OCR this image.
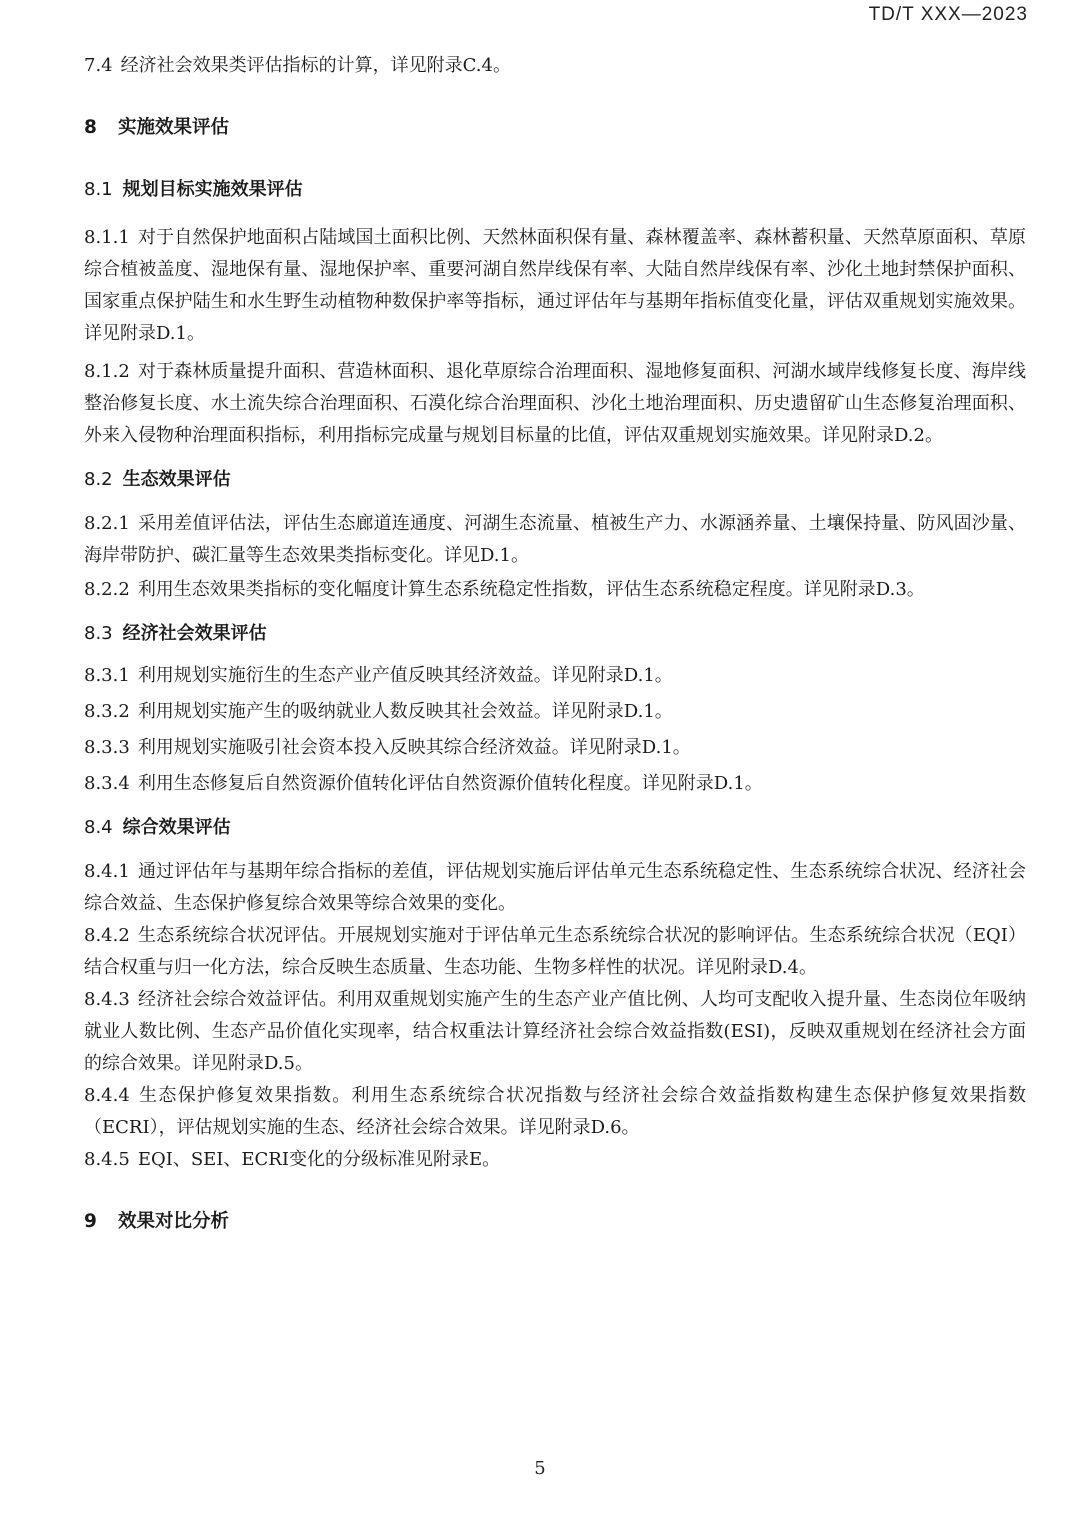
TD/T XXX—2023

7.4 经济社会效果类评估指标的计算，详见附录C.4。

8 实施效果评估
8.1 规划目标实施效果评估

8.1.1 对于自然保护地面积占陆域国土面积比例、天然林面积保有量、森林覆盖率、森林蓄积量、天然草原面积、草原综合植被盖度、湿地保有量、湿地保护率、重要河湖自然岸线保有率、大陆自然岸线保有率、沙化土地封禁保护面积、国家重点保护陆生和水生野生动植物种数保护率等指标，通过评估年与基期年指标值变化量，评估双重规划实施效果。详见附录D.1。

8.1.2 对于森林质量提升面积、营造林面积、退化草原综合治理面积、湿地修复面积、河湖水域岸线修复长度、海岸线整治修复长度、水土流失综合治理面积、石漠化综合治理面积、沙化土地治理面积、历史遗留矿山生态修复治理面积、外来入侵物种治理面积指标，利用指标完成量与规划目标量的比值，评估双重规划实施效果。详见附录D.2。

8.2 生态效果评估

8.2.1 采用差值评估法，评估生态廊道连通度、河湖生态流量、植被生产力、水源涵养量、土壤保持量、防风固沙量、海岸带防护、碳汇量等生态效果类指标变化。详见D.1。

8.2.2 利用生态效果类指标的变化幅度计算生态系统稳定性指数，评估生态系统稳定程度。详见附录D.3。

8.3 经济社会效果评估

8.3.1 利用规划实施衍生的生态产业产值反映其经济效益。详见附录D.1。

8.3.2 利用规划实施产生的吸纳就业人数反映其社会效益。详见附录D.1。

8.3.3 利用规划实施吸引社会资本投入反映其综合经济效益。详见附录D.1。

8.3.4 利用生态修复后自然资源价值转化评估自然资源价值转化程度。详见附录D.1。

8.4 综合效果评估

8.4.1 通过评估年与基期年综合指标的差值，评估规划实施后评估单元生态系统稳定性、生态系统综合状况、经济社会综合效益、生态保护修复综合效果等综合效果的变化。

8.4.2 生态系统综合状况评估。开展规划实施对于评估单元生态系统综合状况的影响评估。生态系统综合状况（EQI）结合权重与归一化方法，综合反映生态质量、生态功能、生物多样性的状况。详见附录D.4。

8.4.3 经济社会综合效益评估。利用双重规划实施产生的生态产业产值比例、人均可支配收入提升量、生态岗位年吸纳就业人数比例、生态产品价值化实现率，结合权重法计算经济社会综合效益指数(ESI)，反映双重规划在经济社会方面的综合效果。详见附录D.5。

8.4.4 生态保护修复效果指数。利用生态系统综合状况指数与经济社会综合效益指数构建生态保护修复效果指数（ECRI），评估规划实施的生态、经济社会综合效果。详见附录D.6。

8.4.5 EQI、SEI、ECRI变化的分级标准见附录E。

9 效果对比分析
5
